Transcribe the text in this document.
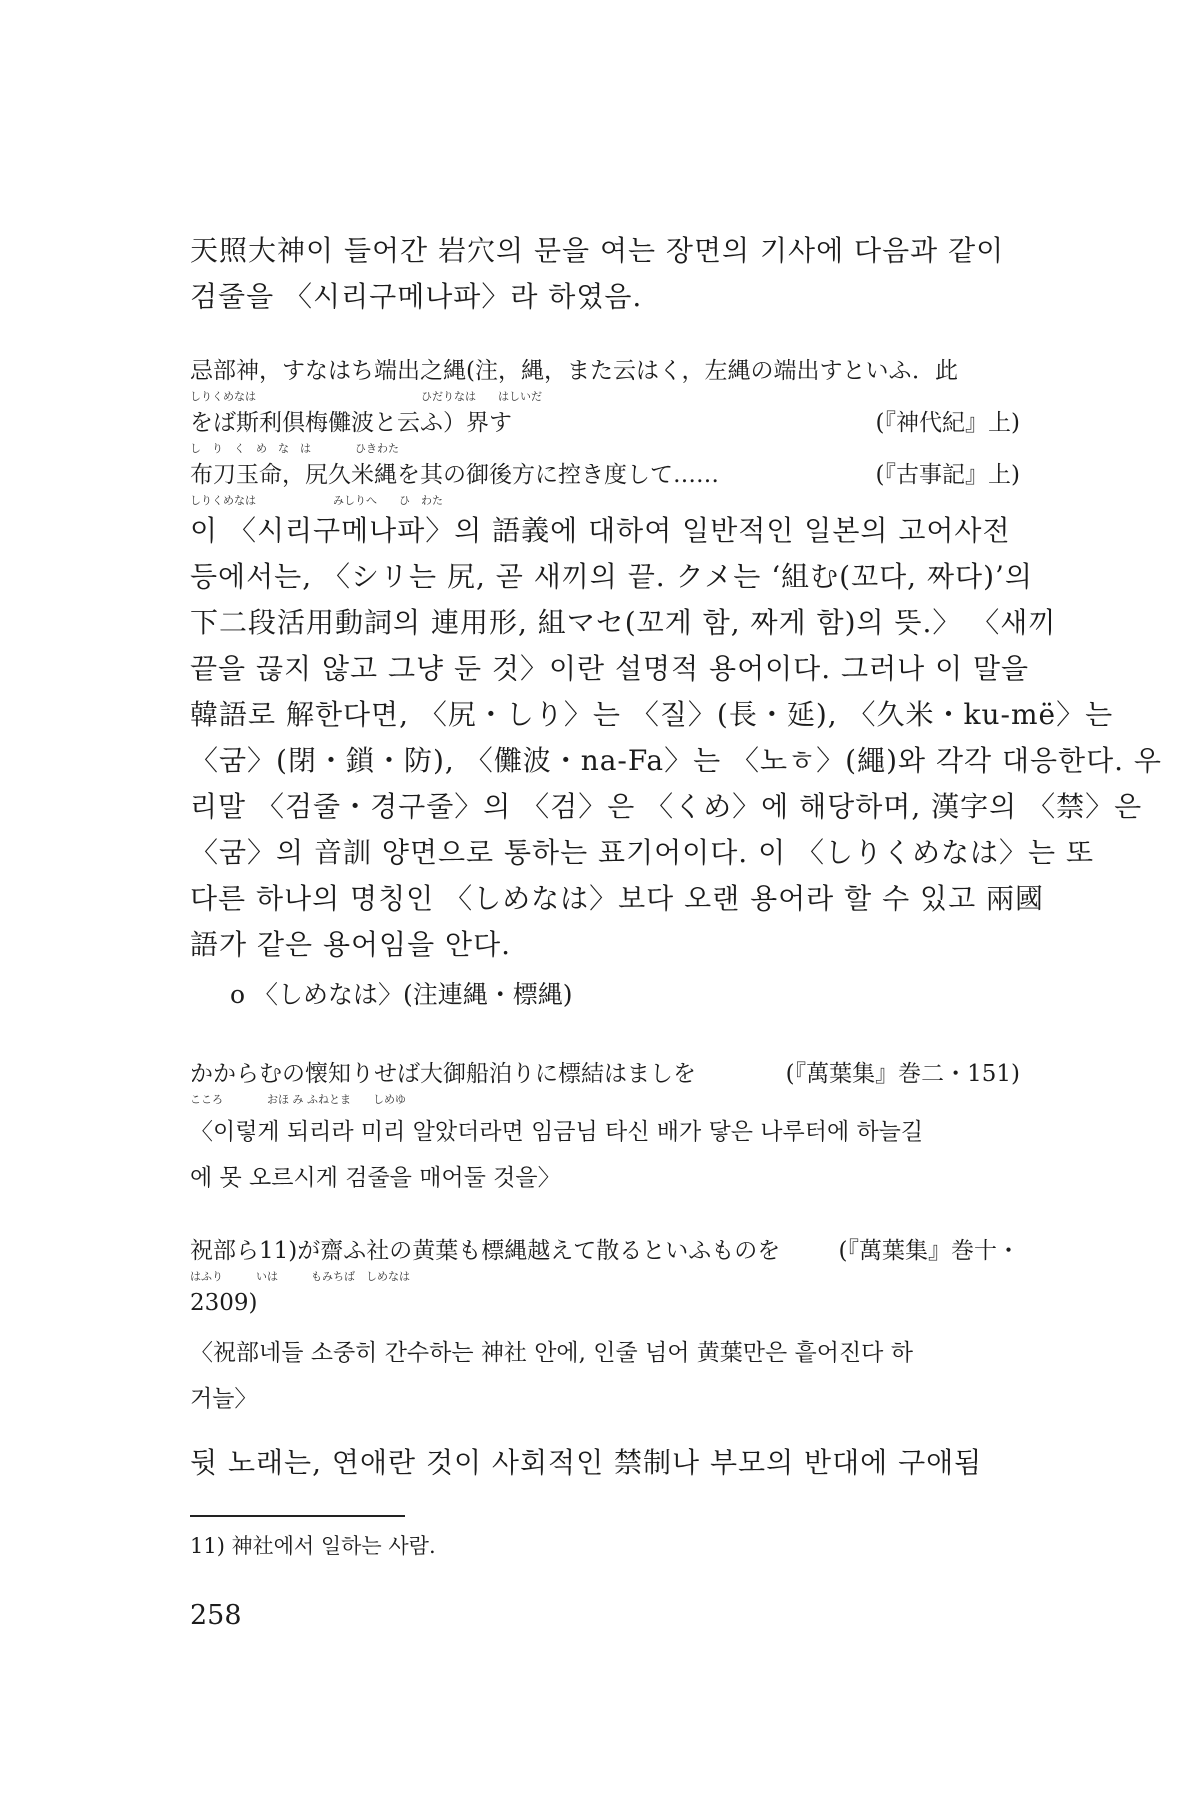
天照大神이 들어간 岩穴의 문을 여는 장면의 기사에 다음과 같이
검줄을 〈시리구메나파〉라 하였음.

忌部神，すなはち端出之縄(注，縄，また云はく，左縄の端出すといふ．此
しりくめなは　　　　　　　　　　　　　　　ひだりなは　　はしいだ
をば斯利倶梅儺波と云ふ）界す	(『神代紀』上)
し　り　く　め　な　は　　　　ひきわた
布刀玉命，尻久米縄を其の御後方に控き度して……	(『古事記』上)
しりくめなは　　　　　　　みしりへ　　ひ　わた

이 〈시리구메나파〉의 語義에 대하여 일반적인 일본의 고어사전
등에서는, 〈シリ는 尻, 곧 새끼의 끝. クメ는 ‘組む(꼬다, 짜다)’의
下二段活用動詞의 連用形, 組マセ(꼬게 함, 짜게 함)의 뜻.〉 〈새끼
끝을 끊지 않고 그냥 둔 것〉이란 설명적 용어이다. 그러나 이 말을
韓語로 解한다면, 〈尻・しり〉는 〈질〉(長・延), 〈久米・ku-më〉는
〈굼〉(閉・鎖・防), 〈儺波・na-Fa〉는 〈노ㅎ〉(繩)와 각각 대응한다. 우
리말 〈검줄・경구줄〉의 〈검〉은 〈くめ〉에 해당하며, 漢字의 〈禁〉은
〈굼〉의 音訓 양면으로 통하는 표기어이다. 이 〈しりくめなは〉는 또
다른 하나의 명칭인 〈しめなは〉보다 오랜 용어라 할 수 있고 兩國
語가 같은 용어임을 안다.

o 〈しめなは〉(注連縄・標縄)
かからむの懐知りせば大御船泊りに標結はましを	(『萬葉集』巻二・151)
こころ　　　　おほ み ふねとま　　しめゆ
〈이렇게 되리라 미리 알았더라면 임금님 타신 배가 닿은 나루터에 하늘길
에 못 오르시게 검줄을 매어둘 것을〉
祝部ら11)が齋ふ社の黄葉も標縄越えて散るといふものを	(『萬葉集』巻十・
はふり　　　いは　　　もみちば　しめなは
2309)
〈祝部네들 소중히 간수하는 神社 안에, 인줄 넘어 黄葉만은 흩어진다 하
거늘〉

뒷 노래는, 연애란 것이 사회적인 禁制나 부모의 반대에 구애됨

11) 神社에서 일하는 사람.
258
